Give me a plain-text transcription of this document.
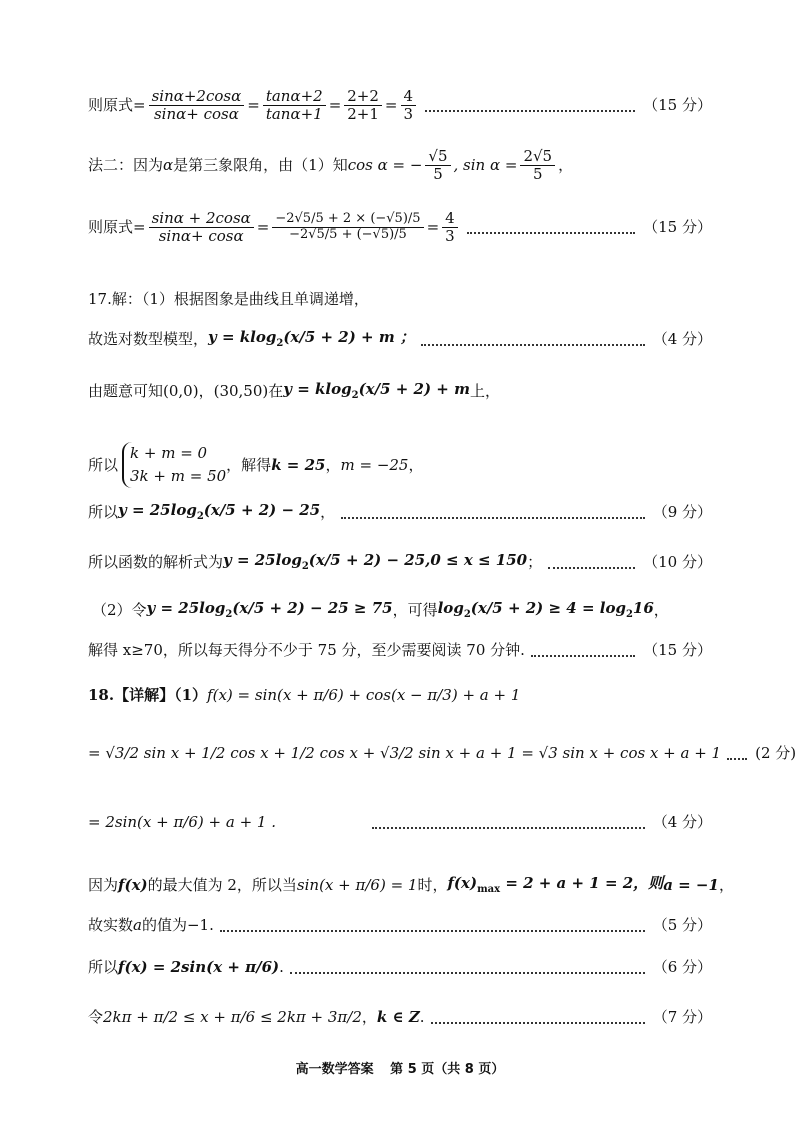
则原式= $\frac{\sin\alpha+2\cos\alpha}{\sin\alpha+ \cos\alpha} = \frac{\tan\alpha+2}{\tan\alpha+1} = \frac{2+2}{2+1} = \frac{4}{3}$	（15 分）
法二：因为 α 是第三象限角，由（1）知 cos α = − $\frac{√5}{5}$ , $\sin \alpha = \frac{2√5}{5}$ ，
则原式= $\frac{\sin\alpha + 2\cos\alpha}{\sin\alpha+ \cos\alpha} = \frac{-2√5/5 + 2 \times (-√5)/5}{-2√5/5 + (-√5)/5} = \frac{4}{3}$	（15 分）
17.解：（1）根据图象是曲线且单调递增，
故选对数型模型， y = klog$_2$(x/5 + 2) + m ；	（4 分）
由题意可知 (0,0) ， (30,50) 在 y = klog$_2$(x/5 + 2) + m 上，
所以
k + m = 0
3k + m = 50
，解得 k = 25 ， m = −25 ，
所以 $y = 25\log_2(x/5 + 2) - 25$ ，	（9 分）
所以函数的解析式为 $y = 25\log_2(x/5 + 2) - 25,0 \le x \le 150$ ；	（10 分）
（2）令 $y = 25\log_2(x/5 + 2) - 25 \ge 75$ ，可得 $\log_2(x/5 + 2) \ge 4 = \log_216$ ，
解得 x≥70，所以每天得分不少于 75 分，至少需要阅读 70 分钟.	（15 分）
18.【详解】（1） f(x) = sin(x + π/6) + cos(x − π/3) + a + 1
= √3/2 sin x + 1/2 cos x + 1/2 cos x + √3/2 sin x + a + 1 = √3 sin x + cos x + a + 1 (2 分)
= 2sin(x + π/6) + a + 1 .	（4 分）
因为 f(x) 的最大值为 2，所以当 sin(x + π/6) = 1 时， $f(x)_{max} = 2 + a + 1 = 2$，则 a = −1 ，
故实数 a 的值为−1.	（5 分）
所以 f(x) = 2sin(x + π/6) .	（6 分）
令 2kπ + π/2 ≤ x + π/6 ≤ 2kπ + 3π/2 ， k ∈ Z .	（7 分）
高一数学答案 第 5 页（共 8 页）
